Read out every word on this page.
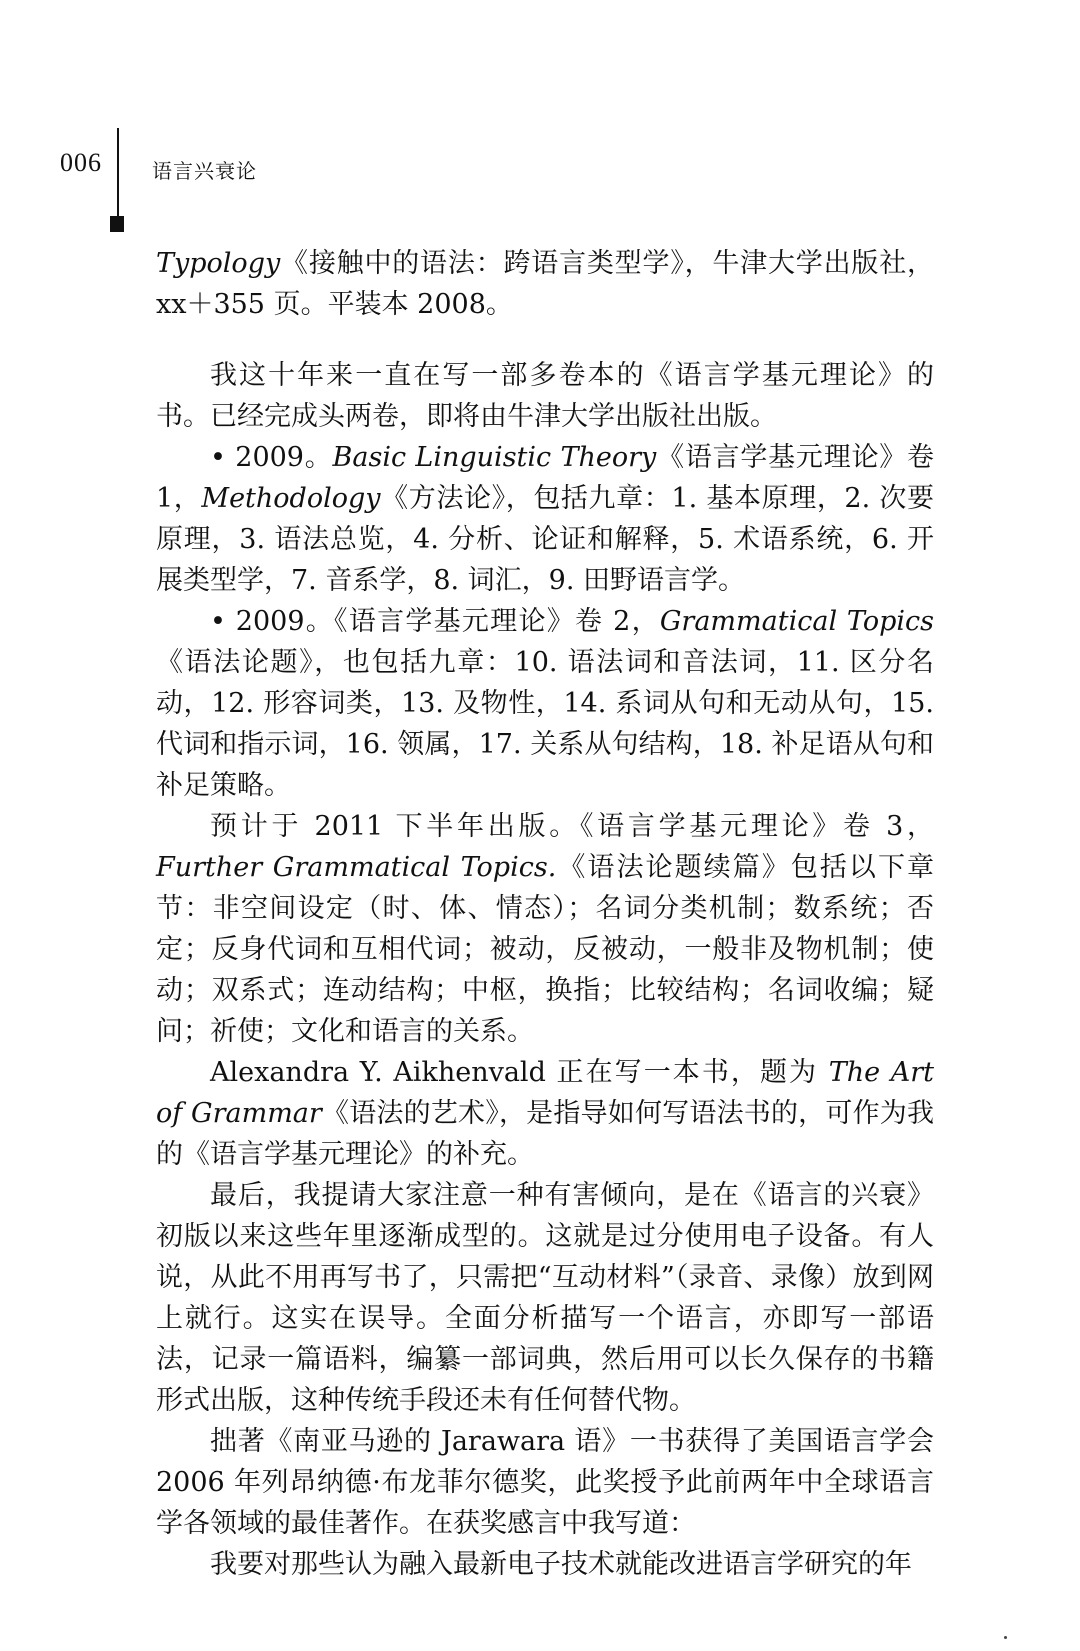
006	语言兴衰论

Typology《接触中的语法：跨语言类型学》，牛津大学出版社，xx＋355 页。平装本 2008。

我这十年来一直在写一部多卷本的《语言学基元理论》的书。已经完成头两卷，即将由牛津大学出版社出版。

• 2009。Basic Linguistic Theory《语言学基元理论》卷 1，Methodology《方法论》，包括九章：1. 基本原理，2. 次要原理，3. 语法总览，4. 分析、论证和解释，5. 术语系统，6. 开展类型学，7. 音系学，8. 词汇，9. 田野语言学。

• 2009。《语言学基元理论》卷 2，Grammatical Topics《语法论题》，也包括九章：10. 语法词和音法词，11. 区分名动，12. 形容词类，13. 及物性，14. 系词从句和无动从句，15. 代词和指示词，16. 领属，17. 关系从句结构，18. 补足语从句和补足策略。

预计于 2011 下半年出版。《语言学基元理论》卷 3，Further Grammatical Topics.《语法论题续篇》包括以下章节：非空间设定（时、体、情态）；名词分类机制；数系统；否定；反身代词和互相代词；被动，反被动，一般非及物机制；使动；双系式；连动结构；中枢，换指；比较结构；名词收编；疑问；祈使；文化和语言的关系。

Alexandra Y. Aikhenvald 正在写一本书，题为 The Art of Grammar《语法的艺术》，是指导如何写语法书的，可作为我的《语言学基元理论》的补充。

最后，我提请大家注意一种有害倾向，是在《语言的兴衰》初版以来这些年里逐渐成型的。这就是过分使用电子设备。有人说，从此不用再写书了，只需把“互动材料”（录音、录像）放到网上就行。这实在误导。全面分析描写一个语言，亦即写一部语法，记录一篇语料，编纂一部词典，然后用可以长久保存的书籍形式出版，这种传统手段还未有任何替代物。

拙著《南亚马逊的 Jarawara 语》一书获得了美国语言学会 2006 年列昂纳德·布龙菲尔德奖，此奖授予此前两年中全球语言学各领域的最佳著作。在获奖感言中我写道：

我要对那些认为融入最新电子技术就能改进语言学研究的年
